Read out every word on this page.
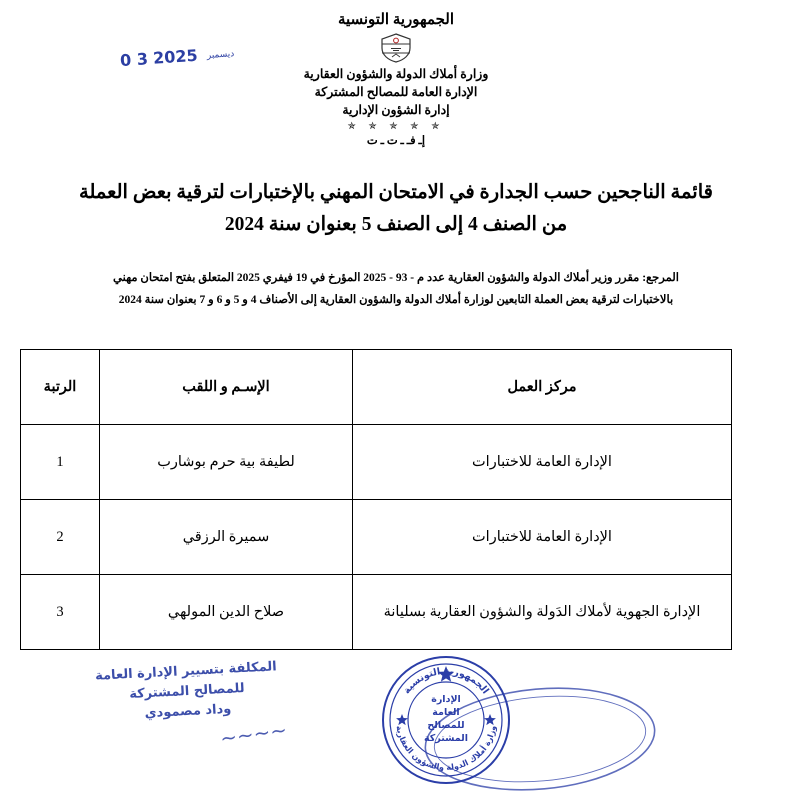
الجمهورية التونسية
وزارة أملاك الدولة والشؤون العقارية
الإدارة العامة للمصالح المشتركة
إدارة الشؤون الإدارية
✯ ✯ ✯ ✯ ✯
إـ فـ ـ ت ـ ت
0 3	ديسمبر 2025
قائمة الناجحين حسب الجدارة في الامتحان المهني بالإختبارات لترقية بعض العملة
من الصنف 4 إلى الصنف 5 بعنوان سنة 2024
المرجع: مقرر وزير أملاك الدولة والشؤون العقارية عدد م - 93 - 2025 المؤرخ في 19 فيفري 2025 المتعلق بفتح امتحان مهني
بالاختبارات لترقية بعض العملة التابعين لوزارة أملاك الدولة والشؤون العقارية إلى الأصناف 4 و 5 و 6 و 7 بعنوان سنة 2024
مركز العمل	الإسـم و اللقب	الرتبة
الإدارة العامة للاختبارات	لطيفة بية حرم بوشارب	1
الإدارة العامة للاختبارات	سميرة الرزقي	2
الإدارة الجهوية لأملاك الدَولة والشؤون العقارية بسليانة	صلاح الدين المولهي	3
المكلفة بتسيير الإدارة العامة
للمصالح المشتركة
وداد مصمودي
~~~~
الجمهورية التونسية
وزارة أملاك الدولة والشؤون العقارية
الإدارة
العامة
للمصالح
المشتركة
